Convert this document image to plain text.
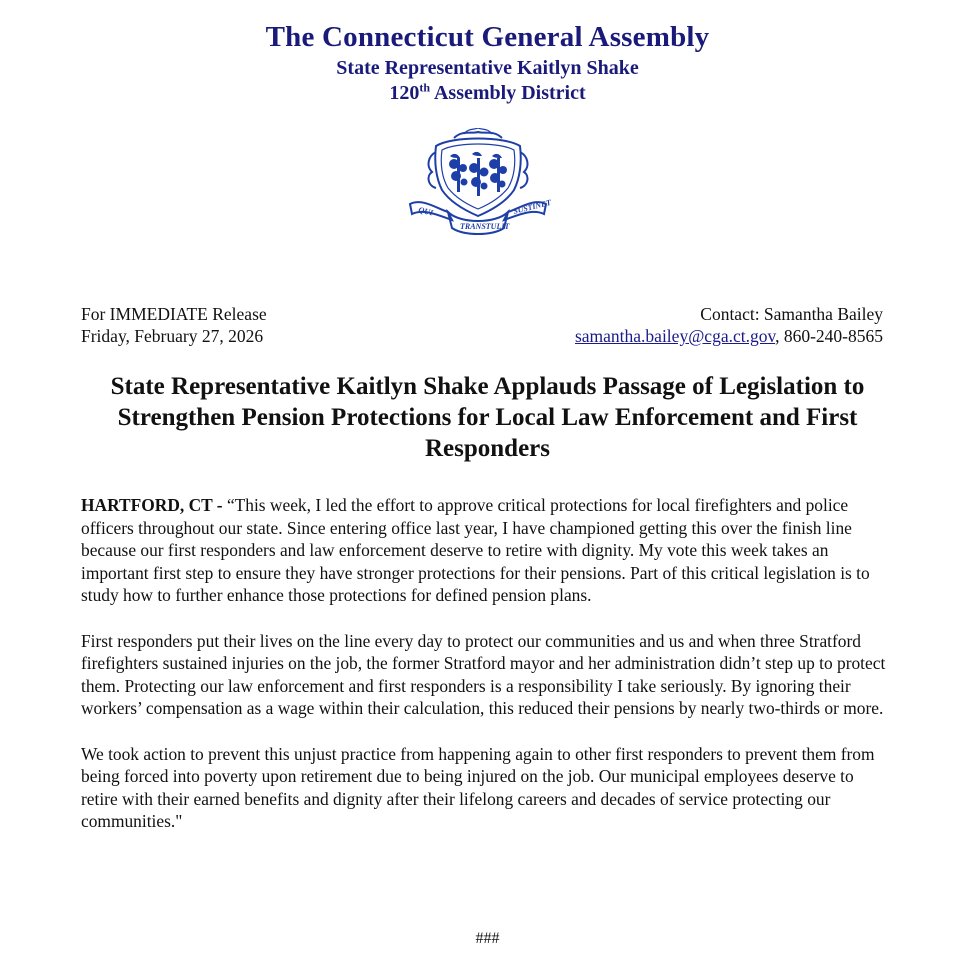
The Connecticut General Assembly
State Representative Kaitlyn Shake
120th Assembly District
QUI
TRANSTULIT
SUSTINET
For IMMEDIATE Release
Friday, February 27, 2026
Contact: Samantha Bailey
samantha.bailey@cga.ct.gov, 860-240-8565
State Representative Kaitlyn Shake Applauds Passage of Legislation to Strengthen Pension Protections for Local Law Enforcement and First Responders

HARTFORD, CT - “This week, I led the effort to approve critical protections for local firefighters and police officers throughout our state. Since entering office last year, I have championed getting this over the finish line because our first responders and law enforcement deserve to retire with dignity. My vote this week takes an important first step to ensure they have stronger protections for their pensions. Part of this critical legislation is to study how to further enhance those protections for defined pension plans.

First responders put their lives on the line every day to protect our communities and us and when three Stratford firefighters sustained injuries on the job, the former Stratford mayor and her administration didn’t step up to protect them. Protecting our law enforcement and first responders is a responsibility I take seriously. By ignoring their workers’ compensation as a wage within their calculation, this reduced their pensions by nearly two-thirds or more.

We took action to prevent this unjust practice from happening again to other first responders to prevent them from being forced into poverty upon retirement due to being injured on the job. Our municipal employees deserve to retire with their earned benefits and dignity after their lifelong careers and decades of service protecting our communities."

###
